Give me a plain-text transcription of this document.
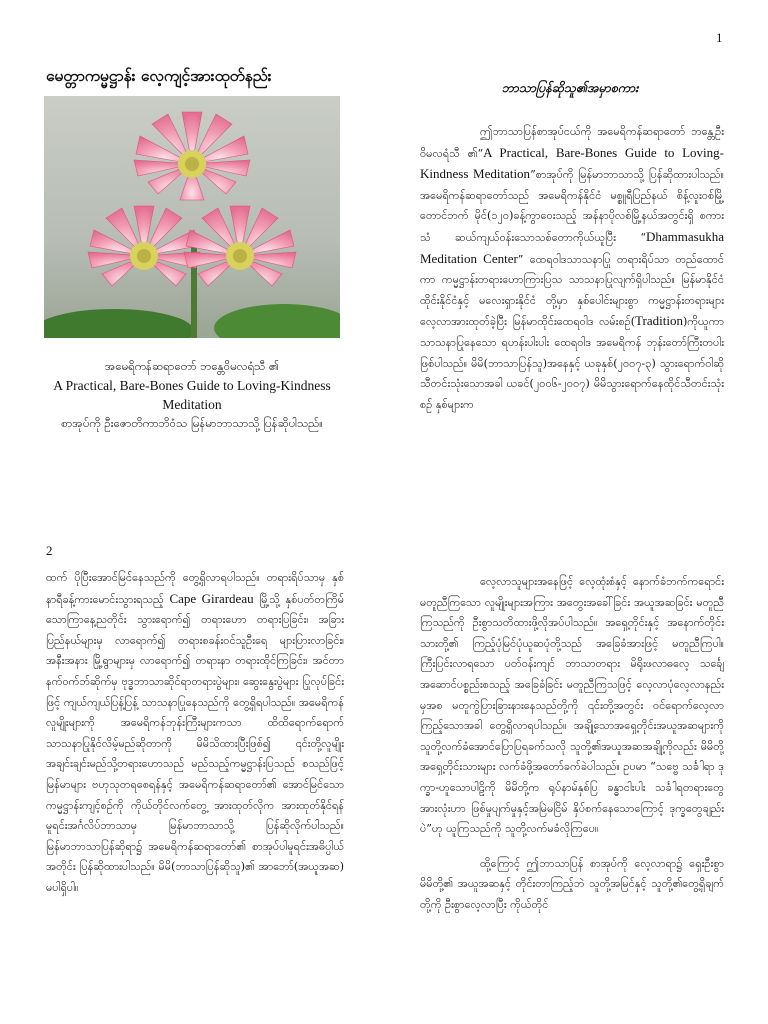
1
မေတ္တာကမ္မဋ္ဌာန်း လေ့ကျင့်အားထုတ်နည်း
အမေရိကန်ဆရာတော် ဘန္တေဝိမလရံသီ ၏
A Practical, Bare-Bones Guide to Loving-Kindness Meditation
စာအုပ်ကို ဦးဇောတိကာဘိဝံသ မြန်မာဘာသာသို့ ပြန်ဆိုပါသည်။
ဘာသာပြန်ဆိုသူ၏အမှာစကား

ဤဘာသာပြန်စာအုပ်ငယ်ကို အမေရိကန်ဆရာတော် ဘန္တေဦးဝိမလရံသီ ၏“A Practical, Bare-Bones Guide to Loving-Kindness Meditation”စာအုပ်ကို မြန်မာဘာသာသို့ ပြန်ဆိုထားပါသည်။ အမေရိကန်ဆရာတော်သည် အမေရိကန်နိုင်ငံ မစ္စူရီပြည်နယ် စိန့်လူးဝစ်မြို့ တောင်ဘက် မိုင်(၁၂၀)ခန့်ကွာဝေးသည့် အန်နာပိုလစ်မြို့နယ်အတွင်းရှိ စကားသံ ဆယ်ကျယ်ဝန်းသောသစ်တောကိုယ်ယူပြီး “Dhammasukha Meditation Center” ထေရဝါဒသာသနာပြု တရားရိပ်သာ တည်ထောင်ကာ ကမ္မဋ္ဌာန်းတရားဟောကြားပြသ သာသနာပြုလျက်ရှိပါသည်။ မြန်မာနိုင်ငံ ထိုင်းနိုင်ငံနှင့် မလေးရှားနိုင်ငံ တို့မှာ နှစ်ပေါင်းများစွာ ကမ္မဋ္ဌာန်းတရားများ လေ့လာအားထုတ်ခဲ့ပြီး မြန်မာထိုင်းထေရဝါဒ လမ်းစဉ်(Tradition)ကိုယူကာ သာသနာပြုနေသော ရဟန်းပါးပါး ထေရဝါဒ အမေရိကန် ဘုန်းတော်ကြီးတပါး ဖြစ်ပါသည်။ မိမိ(ဘာသာပြန်သူ)အနေနှင့် ယခုနှစ်(၂၀၀၇-၃) သွားရောက်ဝါဆိုသီတင်းသုံးသောအခါ ယခင်(၂၀၀၆-၂၀၀၇) မိမိသွားရောက်နေထိုင်သီတင်းသုံးစဉ် နှစ်များက

2

ထက် ပိုပြီးအောင်မြင်နေသည်ကို တွေ့ရှိလာရပါသည်။ တရားရိပ်သာမှ နှစ်နာရီခန့်ကားမောင်းသွားရသည့် Cape Girardeau မြို့သို့ နှစ်ပတ်တကြိမ် သောကြာနေ့ညတိုင်း သွားရောက်၍ တရားဟော တရားပြခြင်း၊ အခြားပြည်နယ်များမှ လာရောက်၍ တရားစခန်းဝင်သူဦးရေ များပြားလာခြင်း၊ အနီးအနား မြို့ရွာများမှ လာရောက်၍ တရားနာ တရားထိုင်ကြခြင်း၊ အင်တာနက်ဝက်ဘ်ဆိုက်မှ ဗုဒ္ဓဘာသာဆိုင်ရာတရားပွဲများ၊ ဆွေးနွေးပွဲများ ပြုလုပ်ခြင်းဖြင့် ကျယ်ကျယ်ပြန့်ပြန့် သာသနာပြုနေသည်ကို တွေ့ရှိရပါသည်။ အမေရိကန်လူမျိုးများကို အမေရိကန်ဘုန်းကြီးများကသာ ထိထိရောက်ရောက် သာသနာပြုနိုင်လိမ့်မည်ဆိုတာကို မိမိသိထားပြီးဖြစ်၍ ၎င်းတို့လူမျိုး အချင်းချင်းမည်သို့တရားဟောသည် မည်သည့်ကမ္မဋ္ဌာန်းပြသည် စသည်ဖြင့် မြန်မာများ ဗဟုသုတရစေရန်နှင့် အမေရိကန်ဆရာတော်၏ အောင်မြင်သော ကမ္မဋ္ဌာန်းကျင့်စဉ်ကို ကိုယ်တိုင်လက်တွေ့ အားထုတ်လိုက အားထုတ်နိုင်ရန် မူရင်းအင်္ဂလိပ်ဘာသာမှ မြန်မာဘာသာသို့ ပြန်ဆိုလိုက်ပါသည်။ မြန်မာဘာသာပြန်ဆိုရာ၌ အမေရိကန်ဆရာတော်၏ စာအုပ်ပါမူရင်းအဓိပ္ပါယ်အတိုင်း ပြန်ဆိုထားပါသည်။ မိမိ(ဘာသာပြန်ဆိုသူ)၏ အာဘော်(အယူအဆ) မပါရှိပါ။

လေ့လာသူများအနေဖြင့် လေ့ထုံးစံနှင့် နောက်ခံဘက်ကရောင်းမတူညီကြသော လူမျိုးများအကြား အတွေးအခေါ်ခြင်း အယူအဆခြင်း မတူညီကြသည်ကို ဦးစွာသတိထားဖို့လိုအပ်ပါသည်။ အရှေ့တိုင်းနှင့် အနောက်တိုင်းသားတို့၏ ကြည့်ပုံမြင်ပုံယူဆပုံတို့သည် အခြေခံအားဖြင့် မတူညီကြပါ။ ကြီးပြင်းလာရသော ပတ်ဝန်းကျင် ဘာသာတရား မိရိုးဖလာဓလေ့ သင်္ချေအဆောင်ပစ္စည်းစသည့် အခြေခံခြင်း မတူညီကြသဖြင့် လေ့လာပုံလေ့လာနည်းမှအစ မတူကွဲပြားခြားနားနေသည်တို့ကို ၎င်းတို့အတွင်း ဝင်ရောက်လေ့လာကြည့်သောအခါ တွေ့ရှိလာရပါသည်။ အချို့သောအရှေ့တိုင်းအယူအဆများကို သူတို့လက်ခံအောင်ပြောပြရခက်သလို သူတို့၏အယူအဆအချို့ကိုလည်း မိမိတို့အရှေ့တိုင်းသားများ လက်ခံဖို့အတော်ခက်ခဲပါသည်။ ဥပမာ “သဗ္ဗေ သင်္ခါရာ ဒုက္ခာ-ဟူသောပါဠိကို မိမိတို့က ရုပ်နာမ်နှစ်ပြ ခန္ဓာငါးပါး သင်္ခါရတရားတွေအားလုံးဟာ ဖြစ်မှုပျက်မှုနှင့်အမြဲမငြိမ် နှိပ်စက်နေသောကြောင့် ဒုက္ခတွေချည်းပဲ”ဟု ယူကြသည်ကို သူတို့လက်မခံလိုကြပေ။

ထို့ကြောင့် ဤဘာသာပြန် စာအုပ်ကို လေ့လာရာ၌ ရှေးဦးစွာ မိမိတို့၏ အယူအဆနှင့် တိုင်းတာကြည့်ဘဲ သူတို့အမြင်နှင့် သူတို့၏တွေ့ရှိချက်တို့ကို ဦးစွာလေ့လာပြီး ကိုယ်တိုင်
